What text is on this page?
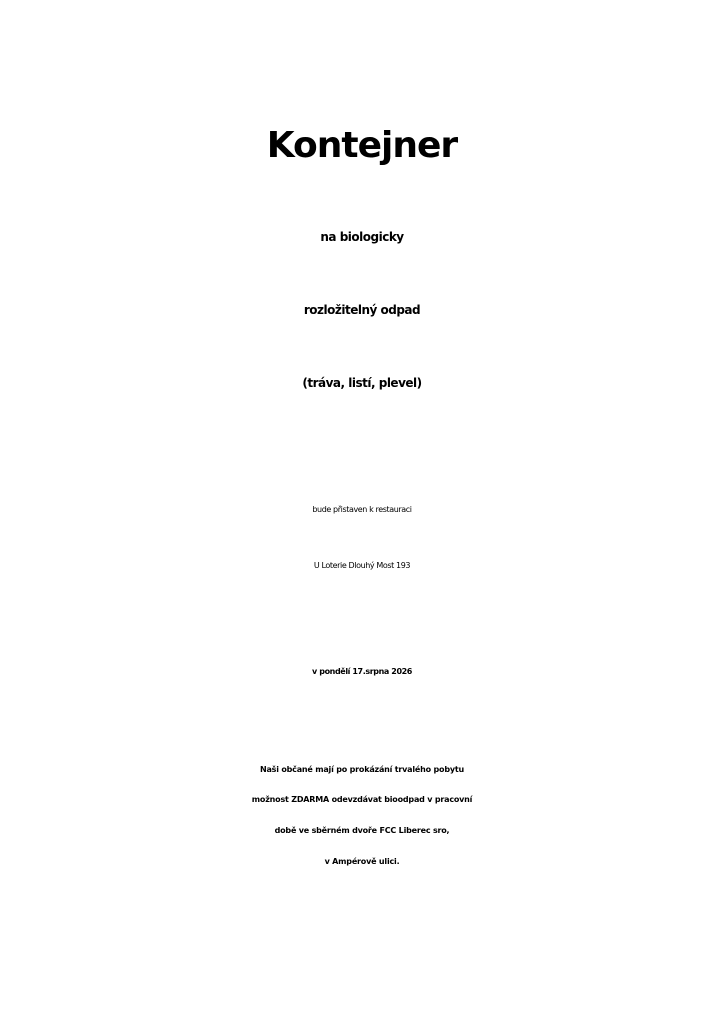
Kontejner
na biologicky
rozložitelný odpad
(tráva, listí, plevel)
bude přistaven k restauraci
U Loterie Dlouhý Most 193
v pondělí 17.srpna 2026
Naši občané mají po prokázání trvalého pobytu
možnost ZDARMA odevzdávat bioodpad v pracovní
době ve sběrném dvoře FCC Liberec sro,
v Ampérově ulici.
